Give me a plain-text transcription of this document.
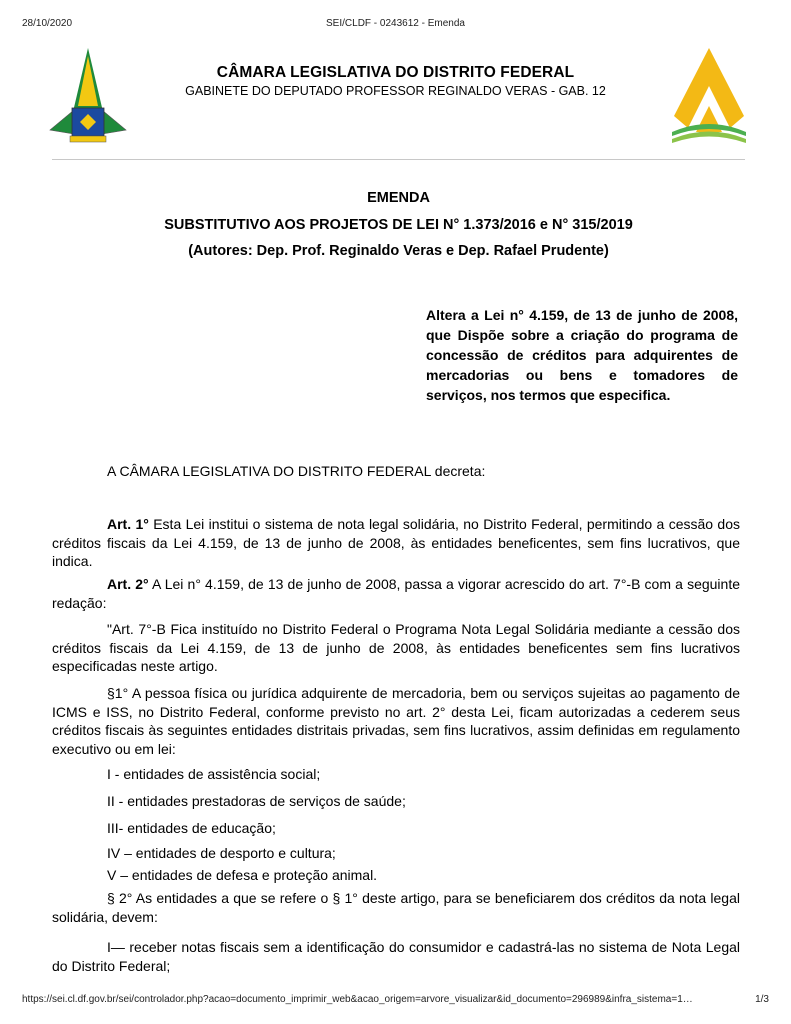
28/10/2020	SEI/CLDF - 0243612 - Emenda
CÂMARA LEGISLATIVA DO DISTRITO FEDERAL
GABINETE DO DEPUTADO PROFESSOR REGINALDO VERAS - GAB. 12
EMENDA
SUBSTITUTIVO AOS PROJETOS DE LEI N° 1.373/2016 e N° 315/2019
(Autores: Dep. Prof. Reginaldo Veras e Dep. Rafael Prudente)
Altera a Lei n° 4.159, de 13 de junho de 2008, que Dispõe sobre a criação do programa de concessão de créditos para adquirentes de mercadorias ou bens e tomadores de serviços, nos termos que especifica.

A CÂMARA LEGISLATIVA DO DISTRITO FEDERAL decreta:

Art. 1° Esta Lei institui o sistema de nota legal solidária, no Distrito Federal, permitindo a cessão dos créditos fiscais da Lei 4.159, de 13 de junho de 2008, às entidades beneficentes, sem fins lucrativos, que indica.

Art. 2° A Lei n° 4.159, de 13 de junho de 2008, passa a vigorar acrescido do art. 7°-B com a seguinte redação:

"Art. 7°-B Fica instituído no Distrito Federal o Programa Nota Legal Solidária mediante a cessão dos créditos fiscais da Lei 4.159, de 13 de junho de 2008, às entidades beneficentes sem fins lucrativos especificadas neste artigo.

§1° A pessoa física ou jurídica adquirente de mercadoria, bem ou serviços sujeitas ao pagamento de ICMS e ISS, no Distrito Federal, conforme previsto no art. 2° desta Lei, ficam autorizadas a cederem seus créditos fiscais às seguintes entidades distritais privadas, sem fins lucrativos, assim definidas em regulamento executivo ou em lei:

I - entidades de assistência social;
II - entidades prestadoras de serviços de saúde;
III- entidades de educação;
IV – entidades de desporto e cultura;
V – entidades de defesa e proteção animal.

§ 2° As entidades a que se refere o § 1° deste artigo, para se beneficiarem dos créditos da nota legal solidária, devem:

I— receber notas fiscais sem a identificação do consumidor e cadastrá-las no sistema de Nota Legal do Distrito Federal;

https://sei.cl.df.gov.br/sei/controlador.php?acao=documento_imprimir_web&acao_origem=arvore_visualizar&id_documento=296989&infra_sistema=1…	1/3
